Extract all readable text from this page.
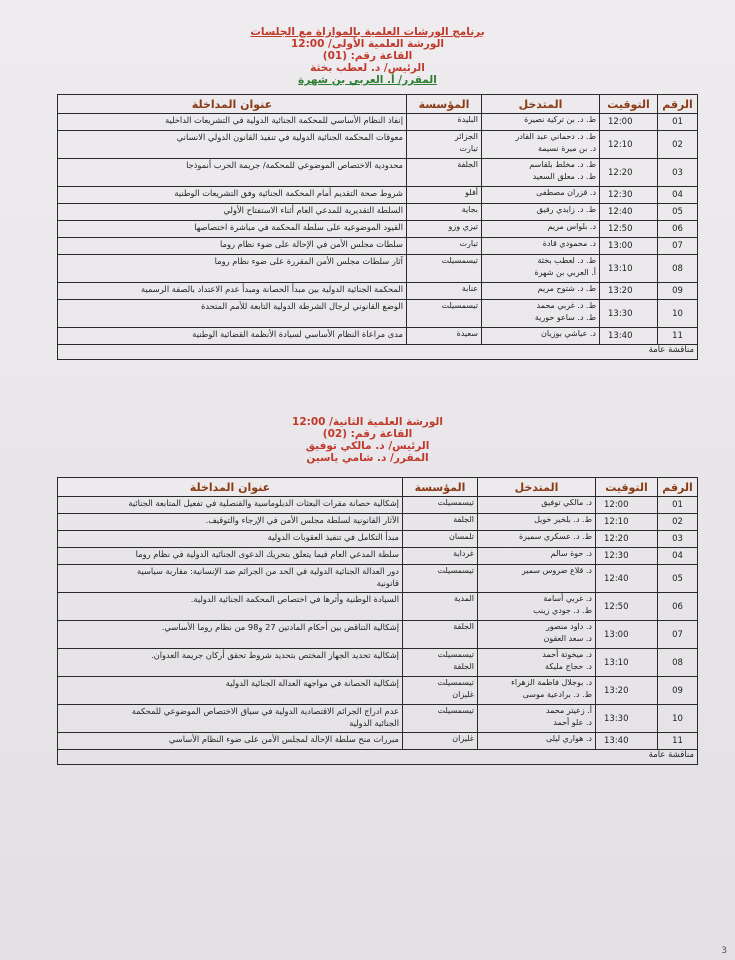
برنامج الورشات العلمية بالموازاة مع الجلسات
الورشة العلمية الأولى/ 12:00
القاعة رقم: (01)
الرئيس/ د. لعطب بخثة
المقرر/ أ. العربي بن شهرة
الرقم	التوقيت	المتدخل	المؤسسة	عنوان المداخلة
01	12:00	ط. د. بن تركية نصيرة	البليدة	إنفاذ النظام الأساسي للمحكمة الجنائية الدولية في التشريعات الداخلية

02	12:10	ط. د. دحماني عبد القادر
د. بن ميرة نسيمة	الجزائر
تيارت	معوقات المحكمة الجنائية الدولية في تنفيذ القانون الدولي الانساني

03	12:20	ط. د. مخلط بلقاسم
ط. د. معلق السعيد	الجلفة	محدودية الاختصاص الموضوعي للمحكمة/ جريمة الحرب أنموذجا

04	12:30	د. قزران مصطفى	أفلو	شروط صحة التقديم أمام المحكمة الجنائية وفق التشريعات الوطنية

05	12:40	ط. د. زايدي رفيق	بجاية	السلطة التقديرية للمدعي العام أثناء الاستفتاح الأولي

06	12:50	د. بلواس مريم	تيزي وزو	القيود الموضوعية على سلطة المحكمة في مباشرة اختصاصها

07	13:00	د. محمودي قادة	تيارت	سلطات مجلس الأمن في الإحالة على ضوء نظام روما

08	13:10	ط. د. لعطب بخثة
أ. العربي بن شهرة	تيسمسيلت	آثار سلطات مجلس الأمن المقررة على ضوء نظام روما

09	13:20	ط. د. شتوح مريم	عنابة	المحكمة الجنائية الدولية بين مبدأ الحصانة ومبدأ عدم الاعتداد بالصفة الرسمية

10	13:30	ط. د. غربي محمد
ط. د. ساعو حورية	تيسمسيلت	الوضع القانوني لرجال الشرطة الدولية التابعة للأمم المتحدة

11	13:40	د. عياشي بوزيان	سعيدة	مدى مراعاة النظام الأساسي لسيادة الأنظمة القضائية الوطنية

مناقشة عامة				
الورشة العلمية الثانية/ 12:00
القاعة رقم: (02)
الرئيس/ د. مالكي توفيق
المقرر/ د. شامي ياسين
الرقم	التوقيت	المتدخل	المؤسسة	عنوان المداخلة
01	12:00	د. مالكي توفيق	تيسمسيلت	إشكالية حصانة مقرات البعثات الدبلوماسية والقنصلية في تفعيل المتابعة الجنائية

02	12:10	ط. د. بلخير خويل	الجلفة	الآثار القانونية لسلطة مجلس الأمن في الإرجاء والتوقيف.

03	12:20	ط. د. عسكري سميرة	تلمسان	مبدأ التكامل في تنفيذ العقوبات الدولية

04	12:30	د. حوة سالم	غرداية	سلطة المدعي العام فيما يتعلق بتحريك الدعوى الجنائية الدولية في نظام روما

05	12:40	د. قلاع ضروس سمير	تيسمسيلت	دور العدالة الجنائية الدولية في الحد من الجرائم ضد الإنسانية: مقاربة سياسية
قانونية

06	12:50	د. غربي أسامة
ط. د. جودي زينب	المدية	السيادة الوطنية وأثرها في اختصاص المحكمة الجنائية الدولية.

07	13:00	د. داود منصور
د. سعد العقون	الجلفة	إشكالية التناقض بين أحكام المادتين 27 و98 من نظام روما الأساسي.

08	13:10	د. ميخوتة أحمد
د. حجاج مليكة	تيسمسيلت
الجلفة	إشكالية تحديد الجهاز المختص بتحديد شروط تحقق أركان جريمة العدوان.

09	13:20	د. بوجلال فاطمة الزهراء
ط. د. برادعية موسى	تيسمسيلت
غليزان	إشكالية الحصانة في مواجهة العدالة الجنائية الدولية

10	13:30	أ. زعيتر محمد
د. علو أحمد	تيسمسيلت	عدم ادراج الجرائم الاقتصادية الدولية في سياق الاختصاص الموضوعي للمحكمة
الجنائية الدولية

11	13:40	د. هواري ليلى	غليزان	مبررات منح سلطة الإحالة لمجلس الأمن على ضوء النظام الأساسي

مناقشة عامة				
3
